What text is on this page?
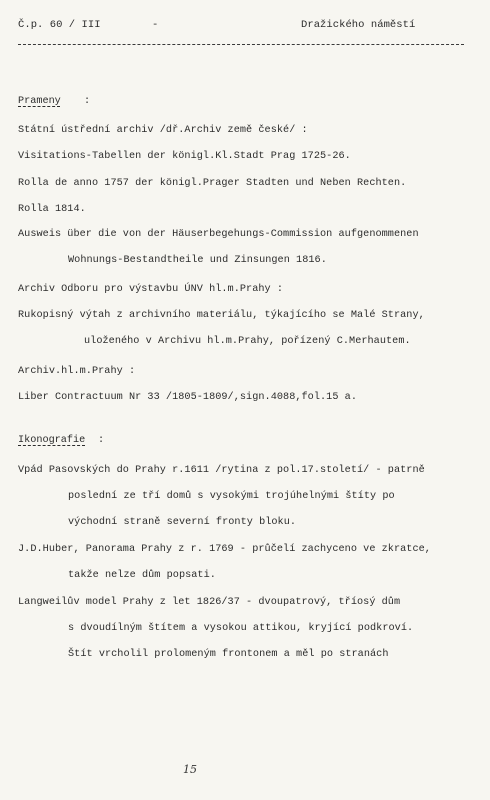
Č.p. 60 / III	-	Dražického náměstí
Prameny :
Státní ústřední archiv /dř.Archiv země české/ :
Visitations-Tabellen der königl.Kl.Stadt Prag 1725-26.
Rolla de anno 1757 der königl.Prager Stadten und Neben Rechten.
Rolla 1814.
Ausweis über die von der Häuserbegehungs-Commission aufgenommenen
Wohnungs-Bestandtheile und Zinsungen 1816.
Archiv Odboru pro výstavbu ÚNV hl.m.Prahy :
Rukopisný výtah z archivního materiálu, týkajícího se Malé Strany,
uloženého v Archivu hl.m.Prahy, pořízený C.Merhautem.
Archiv.hl.m.Prahy :
Liber Contractuum Nr 33 /1805-1809/,sign.4088,fol.15 a.
Ikonografie :
Vpád Pasovských do Prahy r.1611 /rytina z pol.17.století/ - patrně
poslední ze tří domů s vysokými trojúhelnými štíty po
východní straně severní fronty bloku.
J.D.Huber, Panorama Prahy z r. 1769 - průčelí zachyceno ve zkratce,
takže nelze dům popsati.
Langweilův model Prahy z let 1826/37 - dvoupatrový, tříosý dům
s dvoudílným štítem a vysokou attikou, kryjící podkroví.
Štít vrcholil prolomeným frontonem a měl po stranách
15
